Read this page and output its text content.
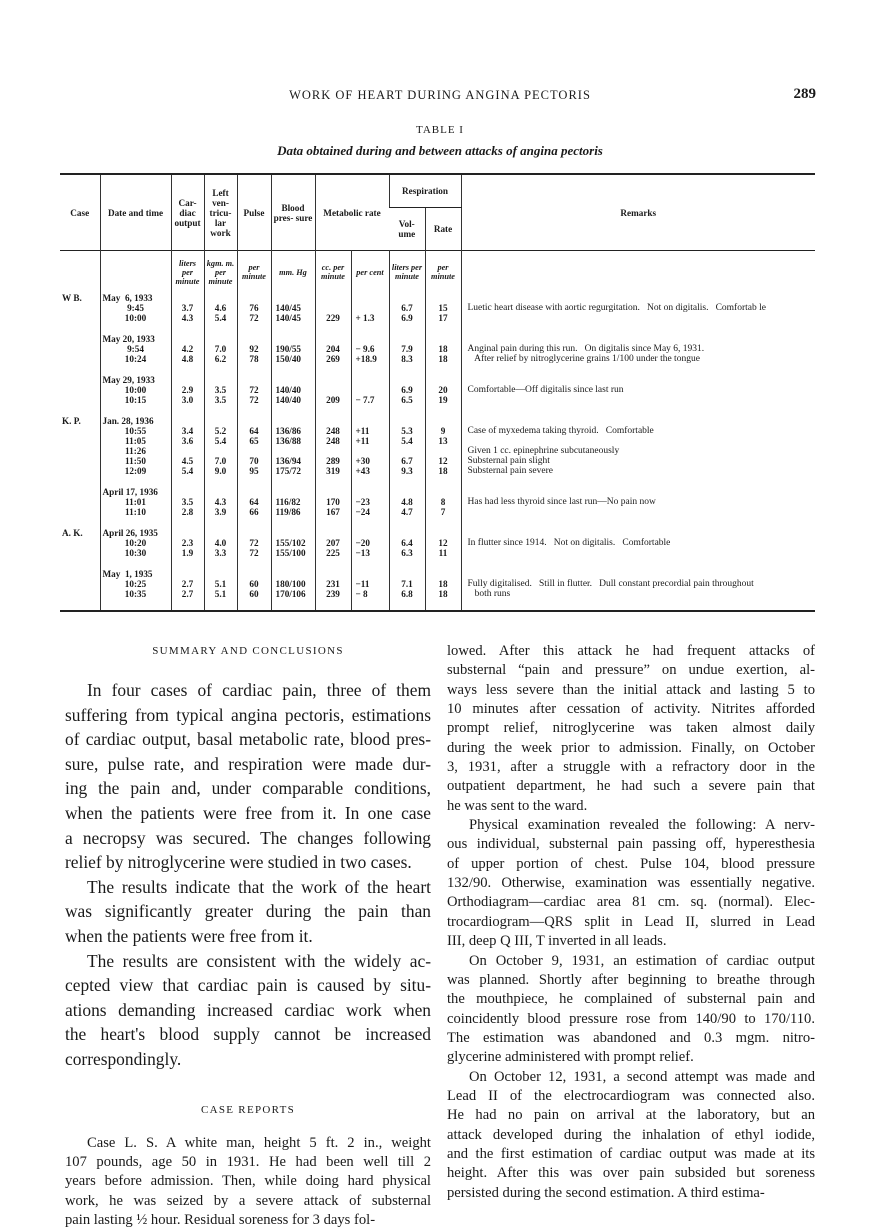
WORK OF HEART DURING ANGINA PECTORIS	289
TABLE I
Data obtained during and between attacks of angina pectoris
Case	Date and time	Car- diac output	Left ven- tricu- lar work	Pulse	Blood pres- sure	Metabolic rate		Respiration		Remarks
								Vol- ume	Rate	
		liters per minute	kgm. m. per minute	per minute	mm. Hg	cc. per minute	per cent	liters per minute	per minute	
W B.	May  6, 1933									
	9:45	3.7	4.6	76	140/45			6.7	15	Luetic heart disease with aortic regurgitation.   Not on digitalis.   Comfortab le
	10:00	4.3	5.4	72	140/45	229	+ 1.3	6.9	17	

	May 20, 1933									
	9:54	4.2	7.0	92	190/55	204	− 9.6	7.9	18	Anginal pain during this run.   On digitalis since May 6, 1931.
	10:24	4.8	6.2	78	150/40	269	+18.9	8.3	18	After relief by nitroglycerine grains 1/100 under the tongue

	May 29, 1933									
	10:00	2.9	3.5	72	140/40			6.9	20	Comfortable—Off digitalis since last run
	10:15	3.0	3.5	72	140/40	209	− 7.7	6.5	19	

K. P.	Jan. 28, 1936									
	10:55	3.4	5.2	64	136/86	248	+11	5.3	9	Case of myxedema taking thyroid.   Comfortable
	11:05	3.6	5.4	65	136/88	248	+11	5.4	13	
	11:26									Given 1 cc. epinephrine subcutaneously
	11:50	4.5	7.0	70	136/94	289	+30	6.7	12	Substernal pain slight
	12:09	5.4	9.0	95	175/72	319	+43	9.3	18	Substernal pain severe

	April 17, 1936									
	11:01	3.5	4.3	64	116/82	170	−23	4.8	8	Has had less thyroid since last run—No pain now
	11:10	2.8	3.9	66	119/86	167	−24	4.7	7	

A. K.	April 26, 1935									
	10:20	2.3	4.0	72	155/102	207	−20	6.4	12	In flutter since 1914.   Not on digitalis.   Comfortable
	10:30	1.9	3.3	72	155/100	225	−13	6.3	11	

	May  1, 1935									
	10:25	2.7	5.1	60	180/100	231	−11	7.1	18	Fully digitalised.   Still in flutter.   Dull constant precordial pain throughout
	10:35	2.7	5.1	60	170/106	239	− 8	6.8	18	both runs

SUMMARY AND CONCLUSIONS
In four cases of cardiac pain, three of them
suffering from typical angina pectoris, estimations
of cardiac output, basal metabolic rate, blood pres-
sure, pulse rate, and respiration were made dur-
ing the pain and, under comparable conditions,
when the patients were free from it. In one case
a necropsy was secured. The changes following
relief by nitroglycerine were studied in two cases.
The results indicate that the work of the heart
was significantly greater during the pain than
when the patients were free from it.
The results are consistent with the widely ac-
cepted view that cardiac pain is caused by situ-
ations demanding increased cardiac work when
the heart's blood supply cannot be increased
correspondingly.
CASE REPORTS
Case L. S. A white man, height 5 ft. 2 in., weight
107 pounds, age 50 in 1931. He had been well till 2
years before admission. Then, while doing hard physical
work, he was seized by a severe attack of substernal
pain lasting ½ hour. Residual soreness for 3 days fol-
lowed. After this attack he had frequent attacks of
substernal “pain and pressure” on undue exertion, al-
ways less severe than the initial attack and lasting 5 to
10 minutes after cessation of activity. Nitrites afforded
prompt relief, nitroglycerine was taken almost daily
during the week prior to admission. Finally, on October
3, 1931, after a struggle with a refractory door in the
outpatient department, he had such a severe pain that
he was sent to the ward.
Physical examination revealed the following: A nerv-
ous individual, substernal pain passing off, hyperesthesia
of upper portion of chest. Pulse 104, blood pressure
132/90. Otherwise, examination was essentially negative.
Orthodiagram—cardiac area 81 cm. sq. (normal). Elec-
trocardiogram—QRS split in Lead II, slurred in Lead
III, deep Q III, T inverted in all leads.
On October 9, 1931, an estimation of cardiac output
was planned. Shortly after beginning to breathe through
the mouthpiece, he complained of substernal pain and
coincidently blood pressure rose from 140/90 to 170/110.
The estimation was abandoned and 0.3 mgm. nitro-
glycerine administered with prompt relief.
On October 12, 1931, a second attempt was made and
Lead II of the electrocardiogram was connected also.
He had no pain on arrival at the laboratory, but an
attack developed during the inhalation of ethyl iodide,
and the first estimation of cardiac output was made at its
height. After this was over pain subsided but soreness
persisted during the second estimation. A third estima-
